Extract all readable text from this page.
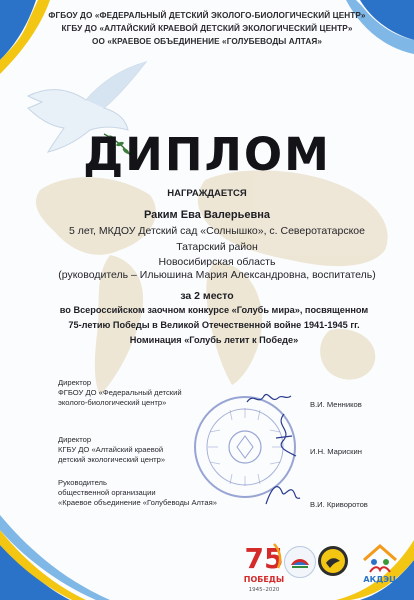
ФГБОУ ДО «ФЕДЕРАЛЬНЫЙ ДЕТСКИЙ ЭКОЛОГО-БИОЛОГИЧЕСКИЙ ЦЕНТР»
КГБУ ДО «АЛТАЙСКИЙ КРАЕВОЙ ДЕТСКИЙ ЭКОЛОГИЧЕСКИЙ ЦЕНТР»
ОО «КРАЕВОЕ ОБЪЕДИНЕНИЕ «ГОЛУБЕВОДЫ АЛТАЯ»
ДИПЛОМ
НАГРАЖДАЕТСЯ
Раким Ева Валерьевна
5 лет, МКДОУ Детский сад «Солнышко», с. Северотатарское
Татарский район
Новосибирская область
(руководитель – Ильюшина Мария Александровна, воспитатель)
за 2 место
во Всероссийском заочном конкурсе «Голубь мира», посвященном
75-летию Победы в Великой Отечественной войне 1941-1945 гг.
Номинация «Голубь летит к Победе»
Директор
ФГБОУ ДО «Федеральный детский
эколого-биологический центр»	В.И. Менников
Директор
КГБУ ДО «Алтайский краевой
детский экологический центр»
И.Н. Марискин
Руководитель
общественной организации
«Краевое объединение «Голубеводы Алтая»	В.И. Криворотов
75
ПОБЕДЫ
1945–2020
АКДЭЦ
